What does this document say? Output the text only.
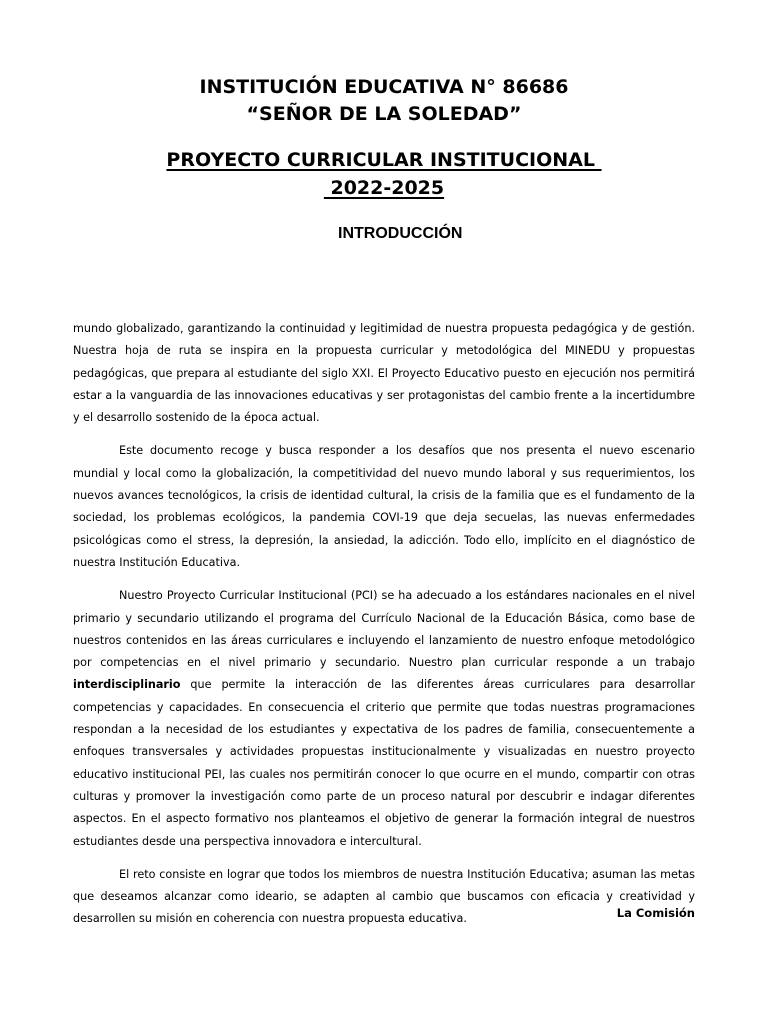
INSTITUCIÓN EDUCATIVA N° 86686
“SEÑOR DE LA SOLEDAD”
PROYECTO CURRICULAR INSTITUCIONAL
2022-2025
INTRODUCCIÓN

mundo globalizado, garantizando la continuidad y legitimidad de nuestra propuesta pedagógica y de gestión. Nuestra hoja de ruta se inspira en la propuesta curricular y metodológica del MINEDU y propuestas pedagógicas, que prepara al estudiante del siglo XXI. El Proyecto Educativo puesto en ejecución nos permitirá estar a la vanguardia de las innovaciones educativas y ser protagonistas del cambio frente a la incertidumbre y el desarrollo sostenido de la época actual.

Este documento recoge y busca responder a los desafíos que nos presenta el nuevo escenario mundial y local como la globalización, la competitividad del nuevo mundo laboral y sus requerimientos, los nuevos avances tecnológicos, la crisis de identidad cultural, la crisis de la familia que es el fundamento de la sociedad, los problemas ecológicos, la pandemia COVI-19 que deja secuelas, las nuevas enfermedades psicológicas como el stress, la depresión, la ansiedad, la adicción. Todo ello, implícito en el diagnóstico de nuestra Institución Educativa.

Nuestro Proyecto Curricular Institucional (PCI) se ha adecuado a los estándares nacionales en el nivel primario y secundario utilizando el programa del Currículo Nacional de la Educación Básica, como base de nuestros contenidos en las áreas curriculares e incluyendo el lanzamiento de nuestro enfoque metodológico por competencias en el nivel primario y secundario. Nuestro plan curricular responde a un trabajo interdisciplinario que permite la interacción de las diferentes áreas curriculares para desarrollar competencias y capacidades. En consecuencia el criterio que permite que todas nuestras programaciones respondan a la necesidad de los estudiantes y expectativa de los padres de familia, consecuentemente a enfoques transversales y actividades propuestas institucionalmente y visualizadas en nuestro proyecto educativo institucional PEI, las cuales nos permitirán conocer lo que ocurre en el mundo, compartir con otras culturas y promover la investigación como parte de un proceso natural por descubrir e indagar diferentes aspectos. En el aspecto formativo nos planteamos el objetivo de generar la formación integral de nuestros estudiantes desde una perspectiva innovadora e intercultural.

El reto consiste en lograr que todos los miembros de nuestra Institución Educativa; asuman las metas que deseamos alcanzar como ideario, se adapten al cambio que buscamos con eficacia y creatividad y desarrollen su misión en coherencia con nuestra propuesta educativa.	La Comisión
